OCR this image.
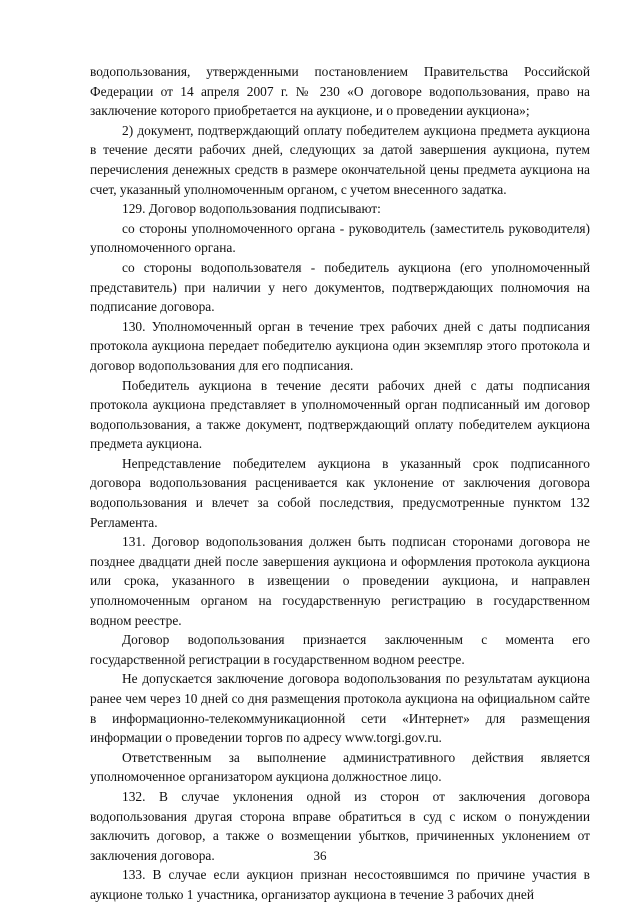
водопользования, утвержденными постановлением Правительства Российской Федерации от 14 апреля 2007 г. № 230 «О договоре водопользования, право на заключение которого приобретается на аукционе, и о проведении аукциона»;

2) документ, подтверждающий оплату победителем аукциона предмета аукциона в течение десяти рабочих дней, следующих за датой завершения аукциона, путем перечисления денежных средств в размере окончательной цены предмета аукциона на счет, указанный уполномоченным органом, с учетом внесенного задатка.

129. Договор водопользования подписывают:

со стороны уполномоченного органа - руководитель (заместитель руководителя) уполномоченного органа.

со стороны водопользователя - победитель аукциона (его уполномоченный представитель) при наличии у него документов, подтверждающих полномочия на подписание договора.

130. Уполномоченный орган в течение трех рабочих дней с даты подписания протокола аукциона передает победителю аукциона один экземпляр этого протокола и договор водопользования для его подписания.

Победитель аукциона в течение десяти рабочих дней с даты подписания протокола аукциона представляет в уполномоченный орган подписанный им договор водопользования, а также документ, подтверждающий оплату победителем аукциона предмета аукциона.

Непредставление победителем аукциона в указанный срок подписанного договора водопользования расценивается как уклонение от заключения договора водопользования и влечет за собой последствия, предусмотренные пунктом 132 Регламента.

131. Договор водопользования должен быть подписан сторонами договора не позднее двадцати дней после завершения аукциона и оформления протокола аукциона или срока, указанного в извещении о проведении аукциона, и направлен уполномоченным органом на государственную регистрацию в государственном водном реестре.

Договор водопользования признается заключенным с момента его государственной регистрации в государственном водном реестре.

Не допускается заключение договора водопользования по результатам аукциона ранее чем через 10 дней со дня размещения протокола аукциона на официальном сайте в информационно-телекоммуникационной сети «Интернет» для размещения информации о проведении торгов по адресу www.torgi.gov.ru.

Ответственным за выполнение административного действия является уполномоченное организатором аукциона должностное лицо.

132. В случае уклонения одной из сторон от заключения договора водопользования другая сторона вправе обратиться в суд с иском о понуждении заключить договор, а также о возмещении убытков, причиненных уклонением от заключения договора.

133. В случае если аукцион признан несостоявшимся по причине участия в аукционе только 1 участника, организатор аукциона в течение 3 рабочих дней

36
